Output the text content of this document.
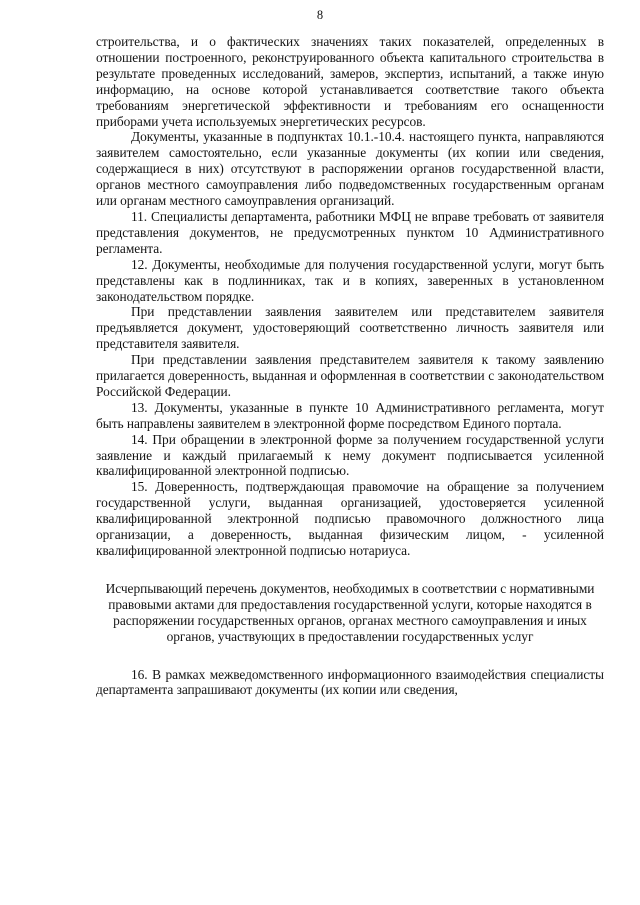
8

строительства, и о фактических значениях таких показателей, определенных в отношении построенного, реконструированного объекта капитального строительства в результате проведенных исследований, замеров, экспертиз, испытаний, а также иную информацию, на основе которой устанавливается соответствие такого объекта требованиям энергетической эффективности и требованиям его оснащенности приборами учета используемых энергетических ресурсов.

Документы, указанные в подпунктах 10.1.-10.4. настоящего пункта, направляются заявителем самостоятельно, если указанные документы (их копии или сведения, содержащиеся в них) отсутствуют в распоряжении органов государственной власти, органов местного самоуправления либо подведомственных государственным органам или органам местного самоуправления организаций.

11. Специалисты департамента, работники МФЦ не вправе требовать от заявителя представления документов, не предусмотренных пунктом 10 Административного регламента.

12. Документы, необходимые для получения государственной услуги, могут быть представлены как в подлинниках, так и в копиях, заверенных в установленном законодательством порядке.

При представлении заявления заявителем или представителем заявителя предъявляется документ, удостоверяющий соответственно личность заявителя или представителя заявителя.

При представлении заявления представителем заявителя к такому заявлению прилагается доверенность, выданная и оформленная в соответствии с законодательством Российской Федерации.

13. Документы, указанные в пункте 10 Административного регламента, могут быть направлены заявителем в электронной форме посредством Единого портала.

14. При обращении в электронной форме за получением государственной услуги заявление и каждый прилагаемый к нему документ подписывается усиленной квалифицированной электронной подписью.

15. Доверенность, подтверждающая правомочие на обращение за получением государственной услуги, выданная организацией, удостоверяется усиленной квалифицированной электронной подписью правомочного должностного лица организации, а доверенность, выданная физическим лицом, - усиленной квалифицированной электронной подписью нотариуса.

Исчерпывающий перечень документов, необходимых в соответствии с нормативными правовыми актами для предоставления государственной услуги, которые находятся в распоряжении государственных органов, органах местного самоуправления и иных органов, участвующих в предоставлении государственных услуг

16. В рамках межведомственного информационного взаимодействия специалисты департамента запрашивают документы (их копии или сведения,
